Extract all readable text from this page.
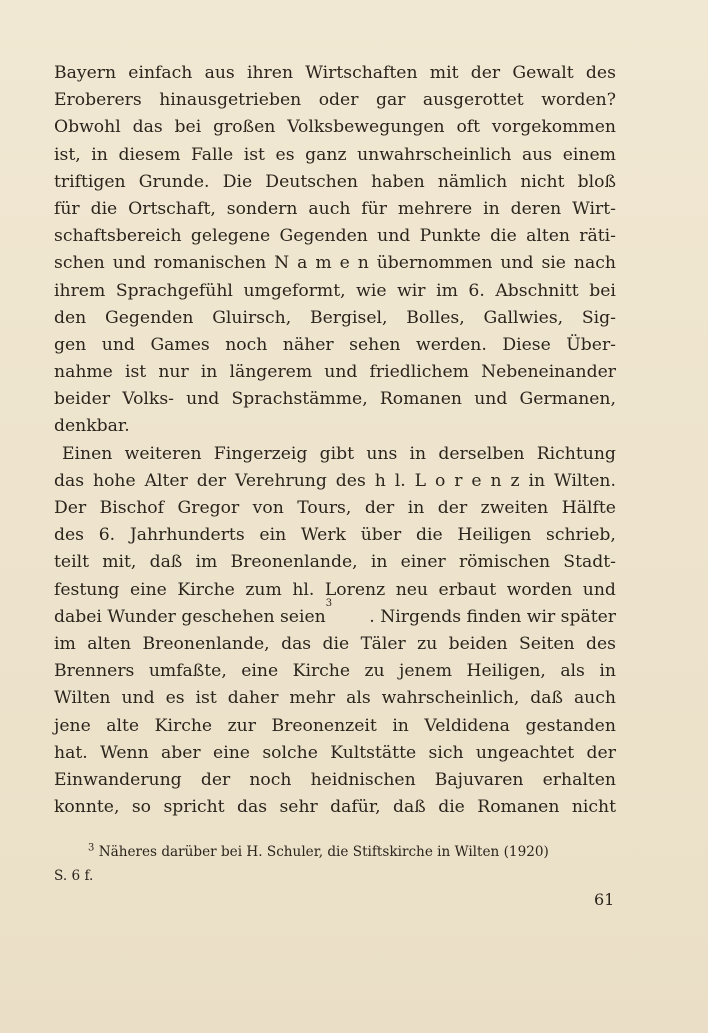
Bayern einfach aus ihren Wirtschaften mit der Gewalt des
Eroberers hinausgetrieben oder gar ausgerottet worden?
Obwohl das bei großen Volksbewegungen oft vorgekommen
ist, in diesem Falle ist es ganz unwahrscheinlich aus einem
triftigen Grunde. Die Deutschen haben nämlich nicht bloß
für die Ortschaft, sondern auch für mehrere in deren Wirt-
schaftsbereich gelegene Gegenden und Punkte die alten räti-
schen und romanischen N a m e n übernommen und sie nach
ihrem Sprachgefühl umgeformt, wie wir im 6. Abschnitt bei
den Gegenden Gluirsch, Bergisel, Bolles, Gallwies, Sig-
gen und Games noch näher sehen werden. Diese Über-
nahme ist nur in längerem und friedlichem Nebeneinander
beider Volks- und Sprachstämme, Romanen und Germanen,
denkbar.
Einen weiteren Fingerzeig gibt uns in derselben Richtung
das hohe Alter der Verehrung des h l. L o r e n z in Wilten.
Der Bischof Gregor von Tours, der in der zweiten Hälfte
des 6. Jahrhunderts ein Werk über die Heiligen schrieb,
teilt mit, daß im Breonenlande, in einer römischen Stadt-
festung eine Kirche zum hl. Lorenz neu erbaut worden und
dabei Wunder geschehen seien
3
. Nirgends finden wir später
im alten Breonenlande, das die Täler zu beiden Seiten des
Brenners umfaßte, eine Kirche zu jenem Heiligen, als in
Wilten und es ist daher mehr als wahrscheinlich, daß auch
jene alte Kirche zur Breonenzeit in Veldidena gestanden
hat. Wenn aber eine solche Kultstätte sich ungeachtet der
Einwanderung der noch heidnischen Bajuvaren erhalten
konnte, so spricht das sehr dafür, daß die Romanen nicht
$^3$ Näheres darüber bei H. Schuler, die Stiftskirche in Wilten (1920)
S. 6 f.
61
